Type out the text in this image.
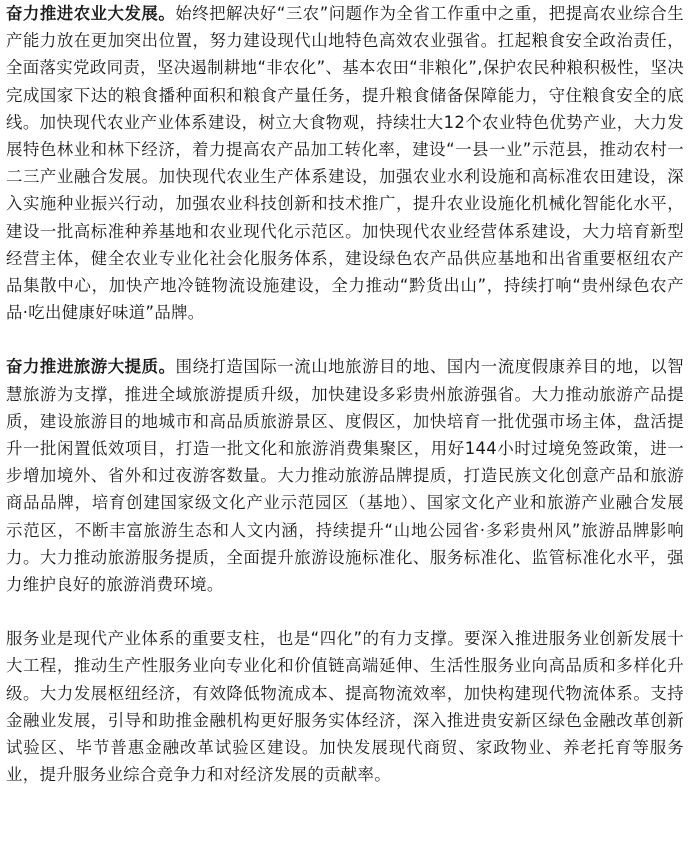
奋力推进农业大发展。始终把解决好“三农”问题作为全省工作重中之重，把提高农业综合生产能力放在更加突出位置，努力建设现代山地特色高效农业强省。扛起粮食安全政治责任，全面落实党政同责，坚决遏制耕地“非农化”、基本农田“非粮化”,保护农民种粮积极性，坚决完成国家下达的粮食播种面积和粮食产量任务，提升粮食储备保障能力，守住粮食安全的底线。加快现代农业产业体系建设，树立大食物观，持续壮大12个农业特色优势产业，大力发展特色林业和林下经济，着力提高农产品加工转化率，建设“一县一业”示范县，推动农村一二三产业融合发展。加快现代农业生产体系建设，加强农业水利设施和高标准农田建设，深入实施种业振兴行动，加强农业科技创新和技术推广，提升农业设施化机械化智能化水平，建设一批高标准种养基地和农业现代化示范区。加快现代农业经营体系建设，大力培育新型经营主体，健全农业专业化社会化服务体系，建设绿色农产品供应基地和出省重要枢纽农产品集散中心，加快产地冷链物流设施建设，全力推动“黔货出山”，持续打响“贵州绿色农产品·吃出健康好味道”品牌。

奋力推进旅游大提质。围绕打造国际一流山地旅游目的地、国内一流度假康养目的地，以智慧旅游为支撑，推进全域旅游提质升级，加快建设多彩贵州旅游强省。大力推动旅游产品提质，建设旅游目的地城市和高品质旅游景区、度假区，加快培育一批优强市场主体，盘活提升一批闲置低效项目，打造一批文化和旅游消费集聚区，用好144小时过境免签政策，进一步增加境外、省外和过夜游客数量。大力推动旅游品牌提质，打造民族文化创意产品和旅游商品品牌，培育创建国家级文化产业示范园区（基地）、国家文化产业和旅游产业融合发展示范区，不断丰富旅游生态和人文内涵，持续提升“山地公园省·多彩贵州风”旅游品牌影响力。大力推动旅游服务提质，全面提升旅游设施标准化、服务标准化、监管标准化水平，强力维护良好的旅游消费环境。

服务业是现代产业体系的重要支柱，也是“四化”的有力支撑。要深入推进服务业创新发展十大工程，推动生产性服务业向专业化和价值链高端延伸、生活性服务业向高品质和多样化升级。大力发展枢纽经济，有效降低物流成本、提高物流效率，加快构建现代物流体系。支持金融业发展，引导和助推金融机构更好服务实体经济，深入推进贵安新区绿色金融改革创新试验区、毕节普惠金融改革试验区建设。加快发展现代商贸、家政物业、养老托育等服务业，提升服务业综合竞争力和对经济发展的贡献率。
